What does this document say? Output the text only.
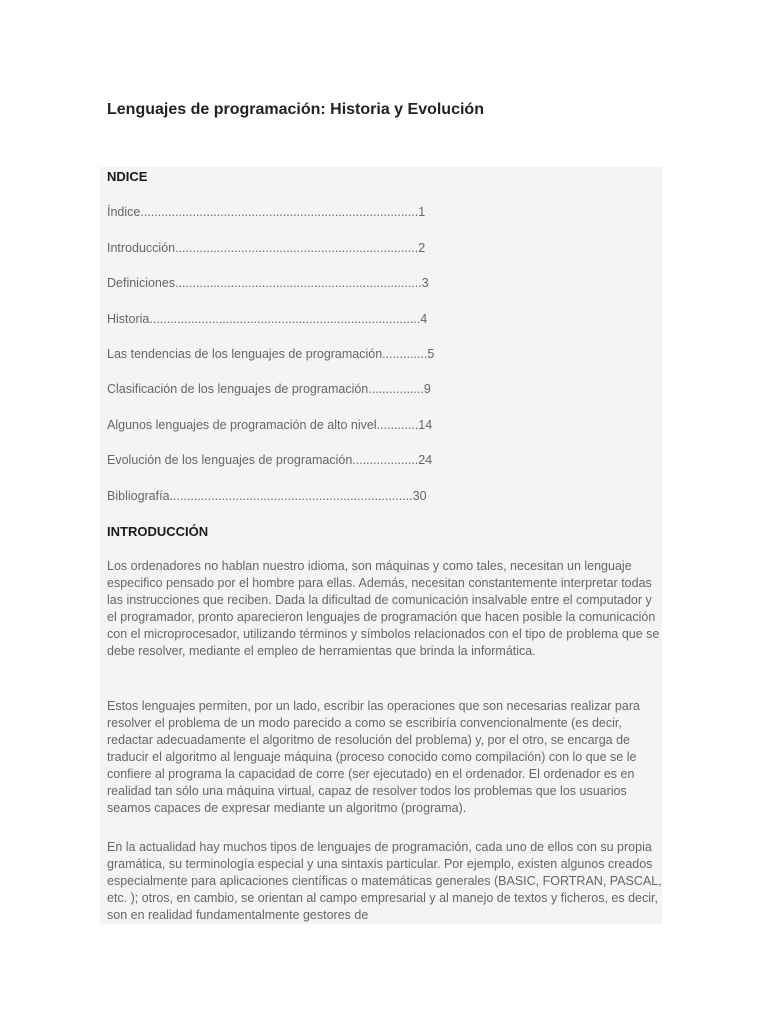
Lenguajes de programación: Historia y Evolución
NDICE
Índice................................................................................1
Introducción......................................................................2
Definiciones.......................................................................3
Historia..............................................................................4
Las tendencias de los lenguajes de programación.............5
Clasificación de los lenguajes de programación................9
Algunos lenguajes de programación de alto nivel............14
Evolución de los lenguajes de programación...................24
Bibliografía......................................................................30
INTRODUCCIÓN

Los ordenadores no hablan nuestro idioma, son máquinas y como tales, necesitan un lenguaje especifico pensado por el hombre para ellas. Además, necesitan constantemente interpretar todas las instrucciones que reciben. Dada la dificultad de comunicación insalvable entre el computador y el programador, pronto aparecieron lenguajes de programación que hacen posible la comunicación con el microprocesador, utilizando términos y símbolos relacionados con el tipo de problema que se debe resolver, mediante el empleo de herramientas que brinda la informática.

Estos lenguajes permiten, por un lado, escribir las operaciones que son necesarias realizar para resolver el problema de un modo parecido a como se escribiría convencionalmente (es decir, redactar adecuadamente el algoritmo de resolución del problema) y, por el otro, se encarga de traducir el algoritmo al lenguaje máquina (proceso conocido como compilación) con lo que se le confiere al programa la capacidad de corre (ser ejecutado) en el ordenador. El ordenador es en realidad tan sólo una máquina virtual, capaz de resolver todos los problemas que los usuarios seamos capaces de expresar mediante un algoritmo (programa).

En la actualidad hay muchos tipos de lenguajes de programación, cada uno de ellos con su propia gramática, su terminología especial y una sintaxis particular. Por ejemplo, existen algunos creados especialmente para aplicaciones científicas o matemáticas generales (BASIC, FORTRAN, PASCAL, etc. ); otros, en cambio, se orientan al campo empresarial y al manejo de textos y ficheros, es decir, son en realidad fundamentalmente gestores de
